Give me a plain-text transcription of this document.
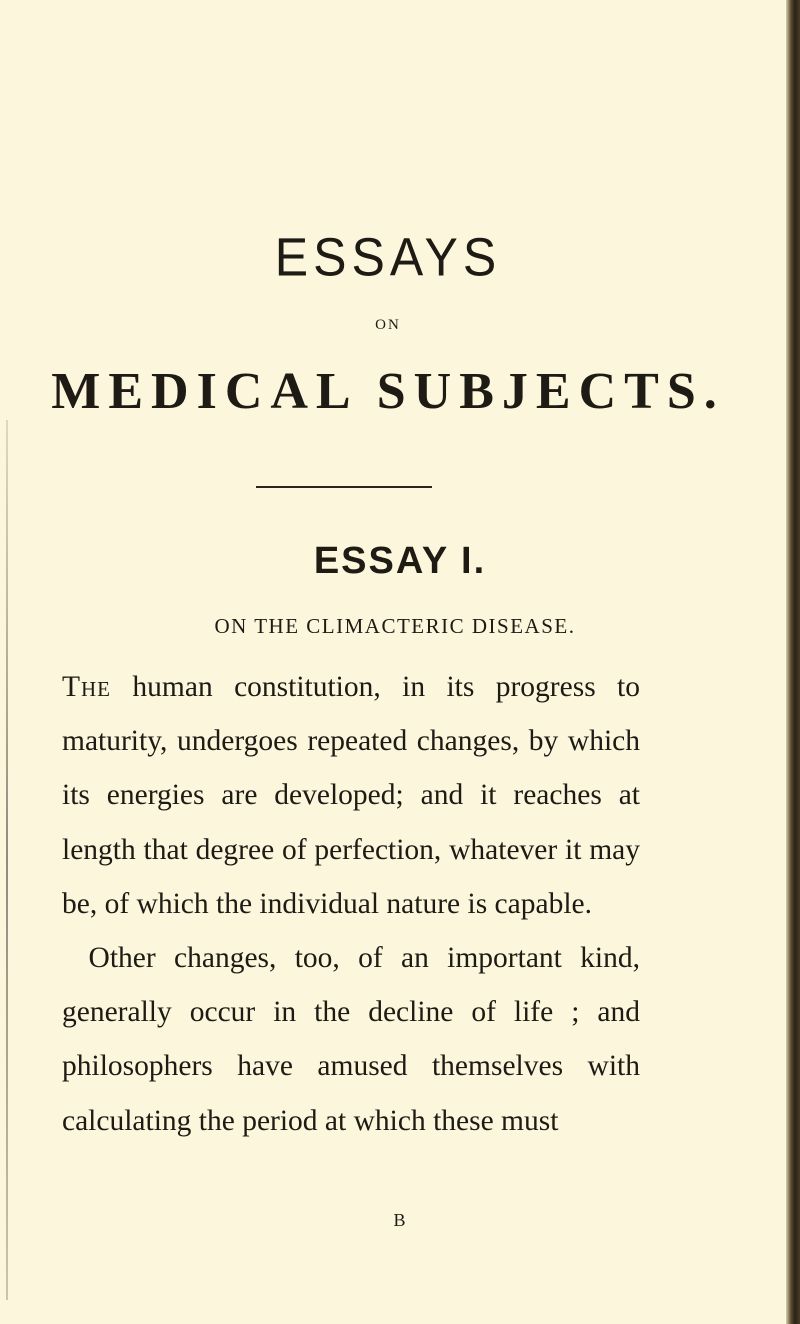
ESSAYS
ON
MEDICAL SUBJECTS.
ESSAY I.
ON THE CLIMACTERIC DISEASE.

The human constitution, in its progress to maturity, undergoes repeated changes, by which its energies are developed; and it reaches at length that degree of perfection, whatever it may be, of which the individual nature is capable.

Other changes, too, of an important kind, generally occur in the decline of life ; and philosophers have amused themselves with calculating the period at which these must

B
